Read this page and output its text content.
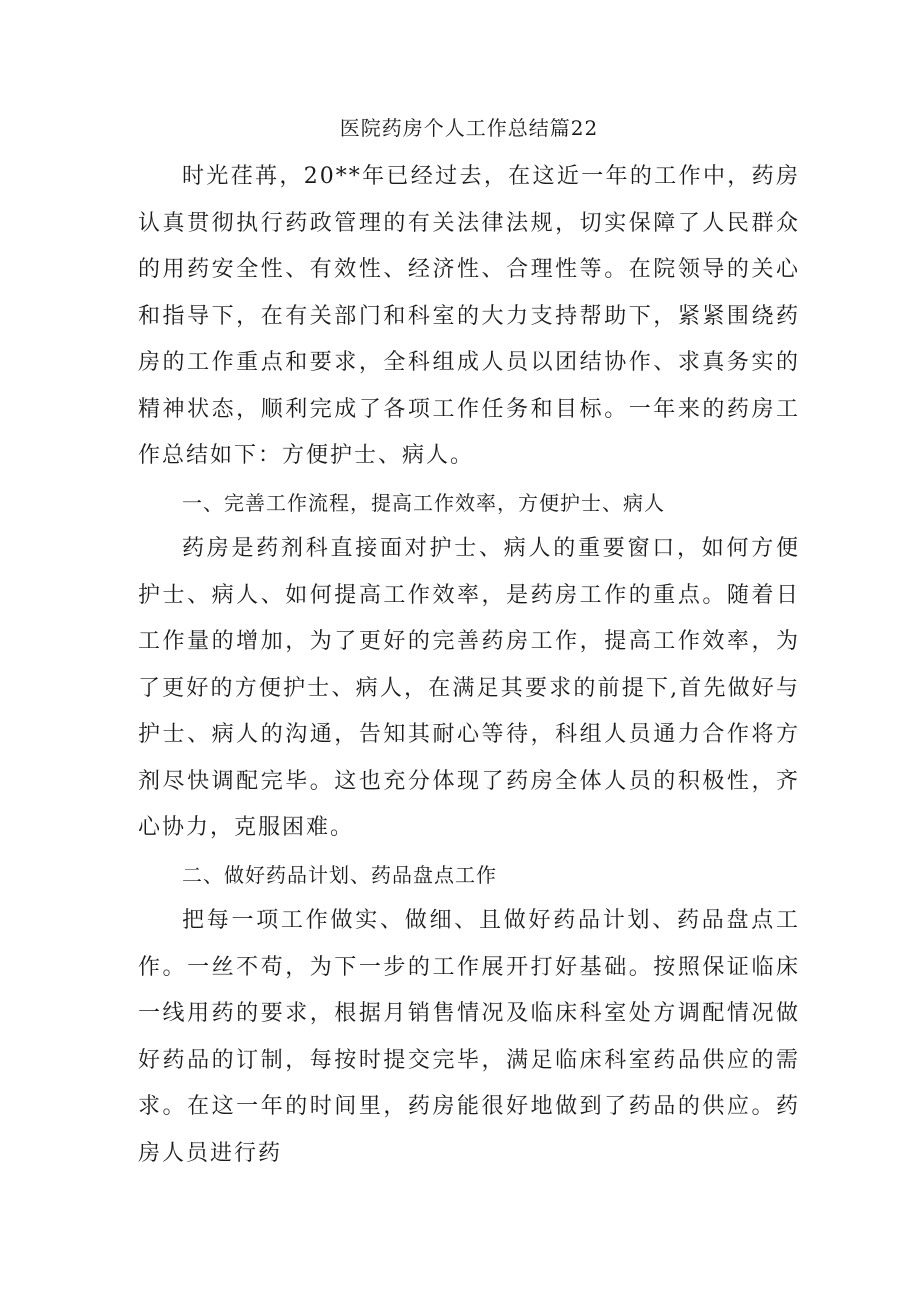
医院药房个人工作总结篇22

时光荏苒，20**年已经过去，在这近一年的工作中，药房认真贯彻执行药政管理的有关法律法规，切实保障了人民群众的用药安全性、有效性、经济性、合理性等。在院领导的关心和指导下，在有关部门和科室的大力支持帮助下，紧紧围绕药房的工作重点和要求，全科组成人员以团结协作、求真务实的精神状态，顺利完成了各项工作任务和目标。一年来的药房工作总结如下：方便护士、病人。

一、完善工作流程，提高工作效率，方便护士、病人

药房是药剂科直接面对护士、病人的重要窗口，如何方便护士、病人、如何提高工作效率，是药房工作的重点。随着日工作量的增加，为了更好的完善药房工作，提高工作效率，为了更好的方便护士、病人，在满足其要求的前提下,首先做好与护士、病人的沟通，告知其耐心等待，科组人员通力合作将方剂尽快调配完毕。这也充分体现了药房全体人员的积极性，齐心协力，克服困难。

二、做好药品计划、药品盘点工作

把每一项工作做实、做细、且做好药品计划、药品盘点工作。一丝不苟，为下一步的工作展开打好基础。按照保证临床一线用药的要求，根据月销售情况及临床科室处方调配情况做好药品的订制，每按时提交完毕，满足临床科室药品供应的需求。在这一年的时间里，药房能很好地做到了药品的供应。药房人员进行药
